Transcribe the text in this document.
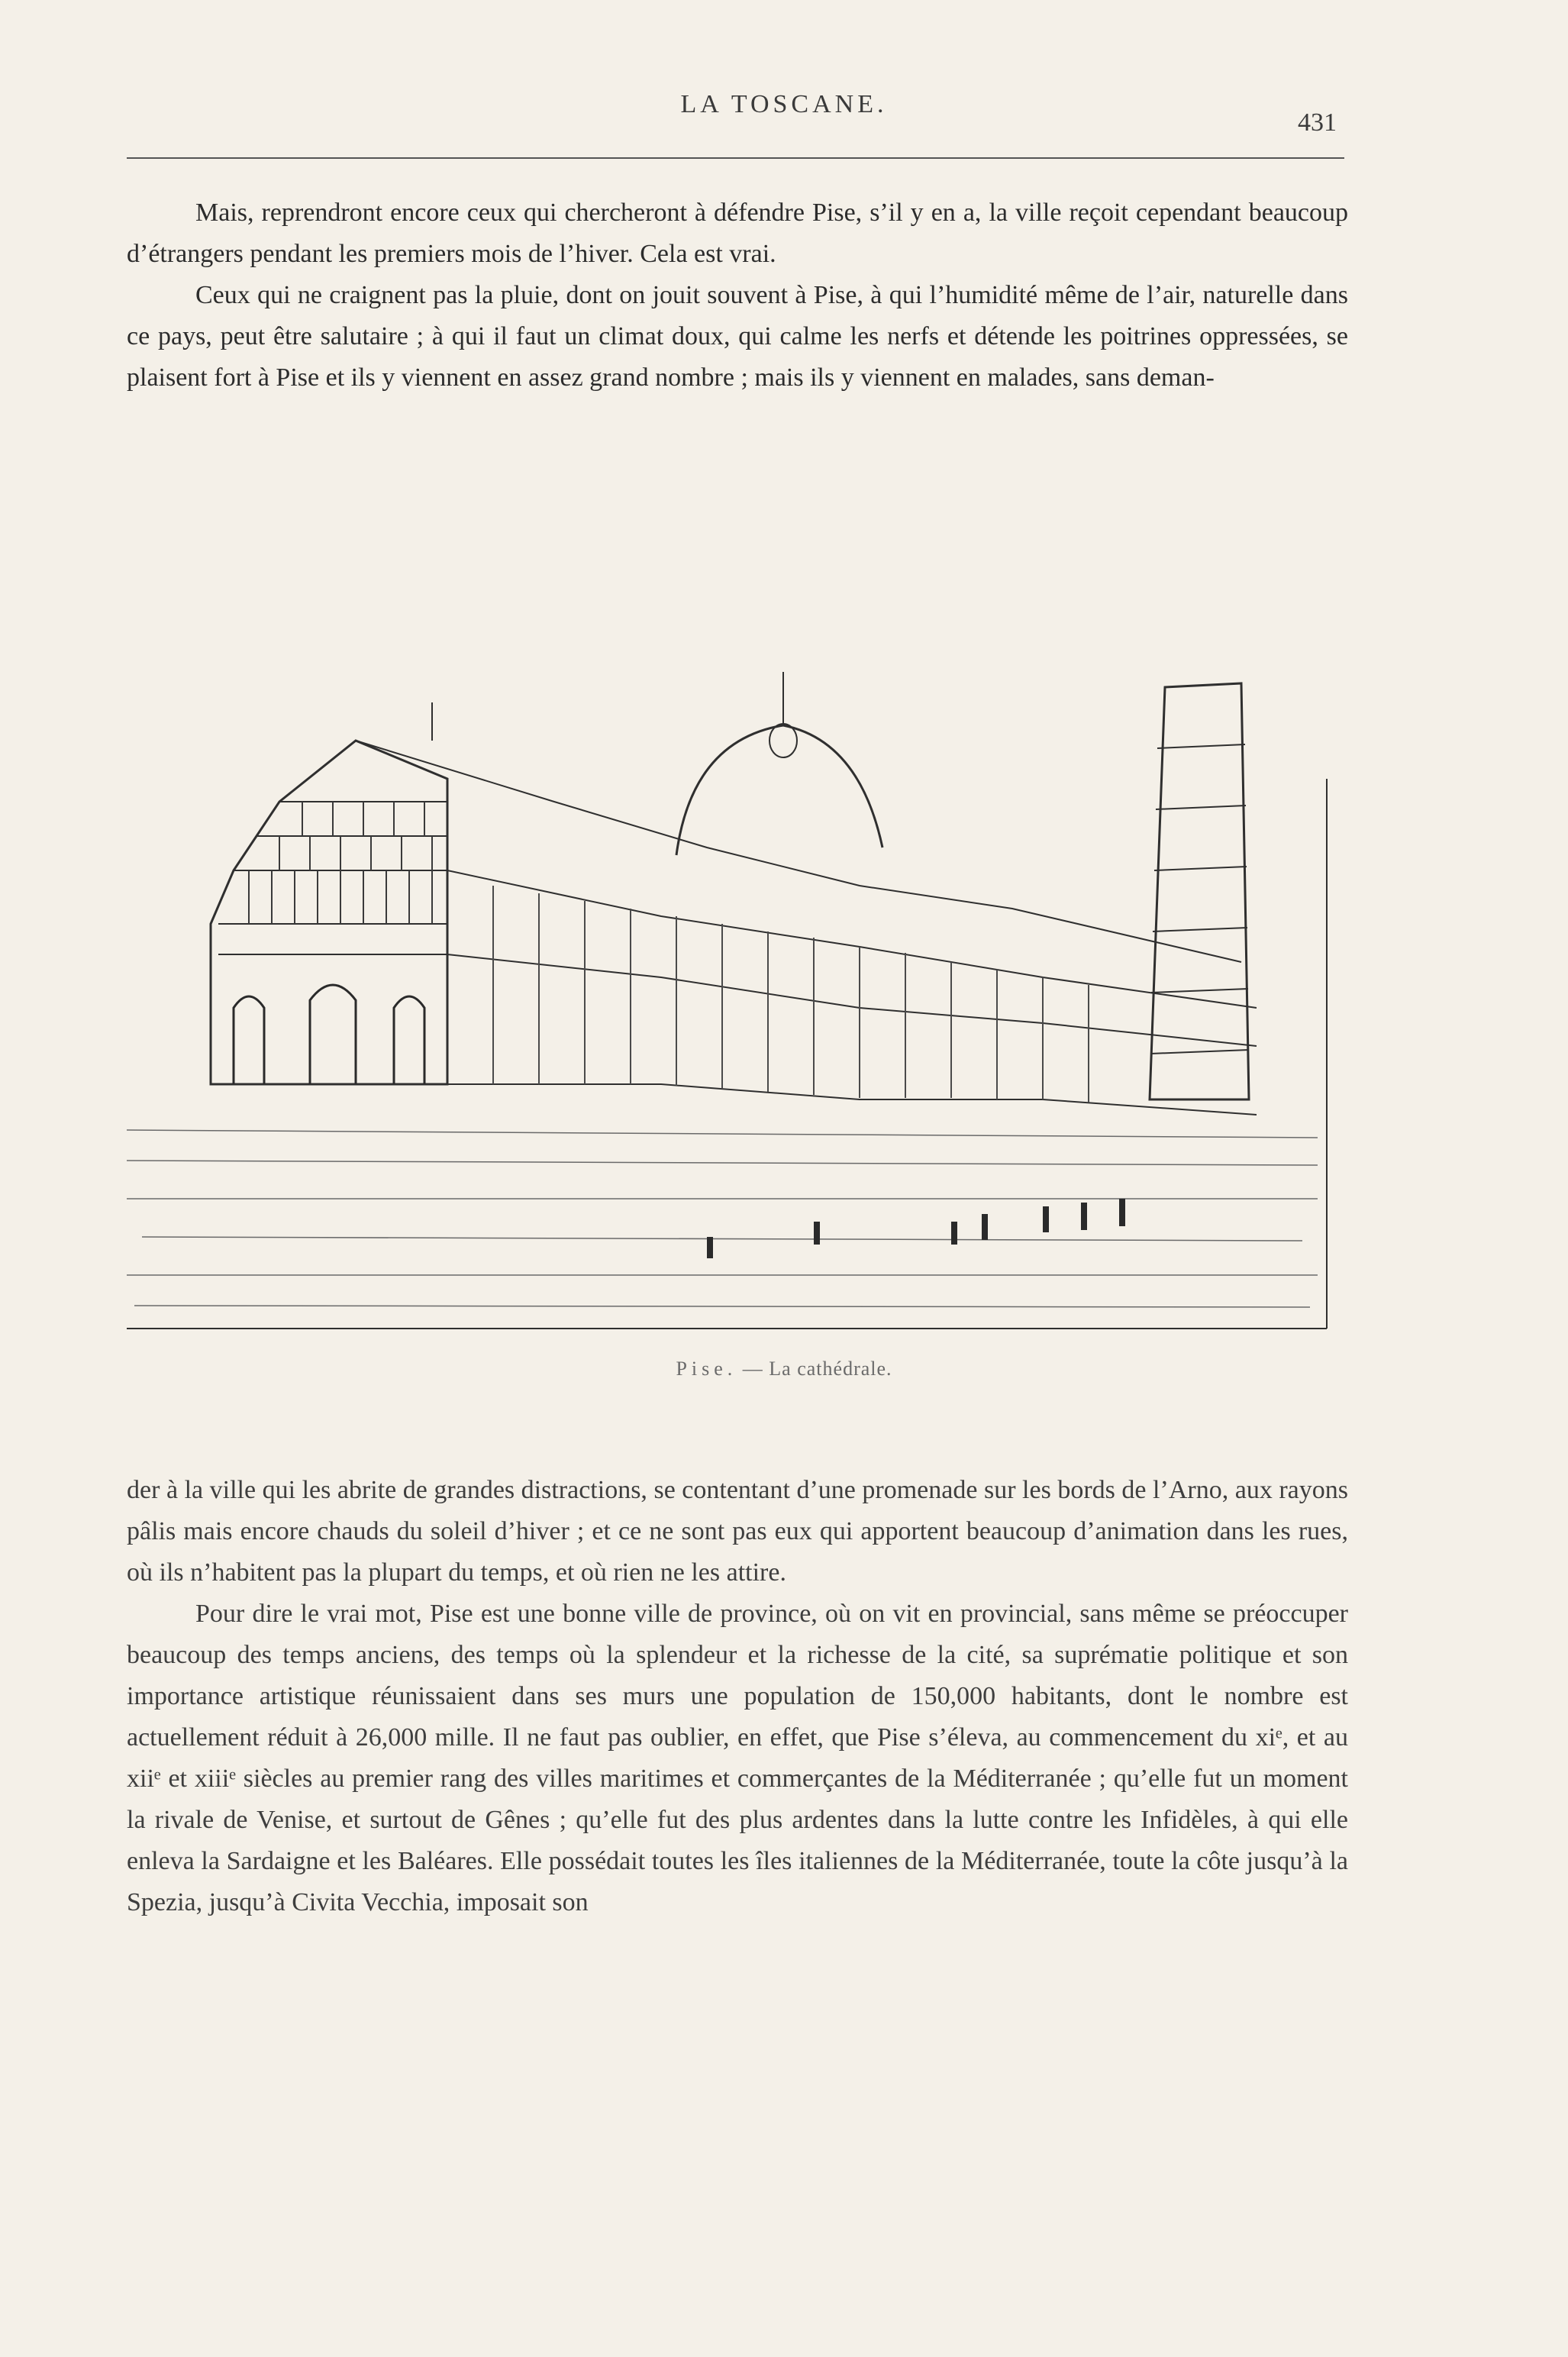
LA TOSCANE.
431

Mais, reprendront encore ceux qui chercheront à défendre Pise, s’il y en a, la ville reçoit cependant beaucoup d’étrangers pendant les premiers mois de l’hiver. Cela est vrai.

Ceux qui ne craignent pas la pluie, dont on jouit souvent à Pise, à qui l’humidité même de l’air, naturelle dans ce pays, peut être salutaire ; à qui il faut un climat doux, qui calme les nerfs et détende les poitrines oppressées, se plaisent fort à Pise et ils y viennent en assez grand nombre ; mais ils y viennent en malades, sans deman-

Pise. — La cathédrale.

der à la ville qui les abrite de grandes distractions, se contentant d’une promenade sur les bords de l’Arno, aux rayons pâlis mais encore chauds du soleil d’hiver ; et ce ne sont pas eux qui apportent beaucoup d’animation dans les rues, où ils n’habitent pas la plupart du temps, et où rien ne les attire.

Pour dire le vrai mot, Pise est une bonne ville de province, où on vit en provincial, sans même se préoccuper beaucoup des temps anciens, des temps où la splendeur et la richesse de la cité, sa suprématie politique et son importance artistique réunissaient dans ses murs une population de 150,000 habitants, dont le nombre est actuellement réduit à 26,000 mille. Il ne faut pas oublier, en effet, que Pise s’éleva, au commencement du xiᵉ, et au xiiᵉ et xiiiᵉ siècles au premier rang des villes maritimes et commerçantes de la Méditerranée ; qu’elle fut un moment la rivale de Venise, et surtout de Gênes ; qu’elle fut des plus ardentes dans la lutte contre les Infidèles, à qui elle enleva la Sardaigne et les Baléares. Elle possédait toutes les îles italiennes de la Méditerranée, toute la côte jusqu’à la Spezia, jusqu’à Civita Vecchia, imposait son
